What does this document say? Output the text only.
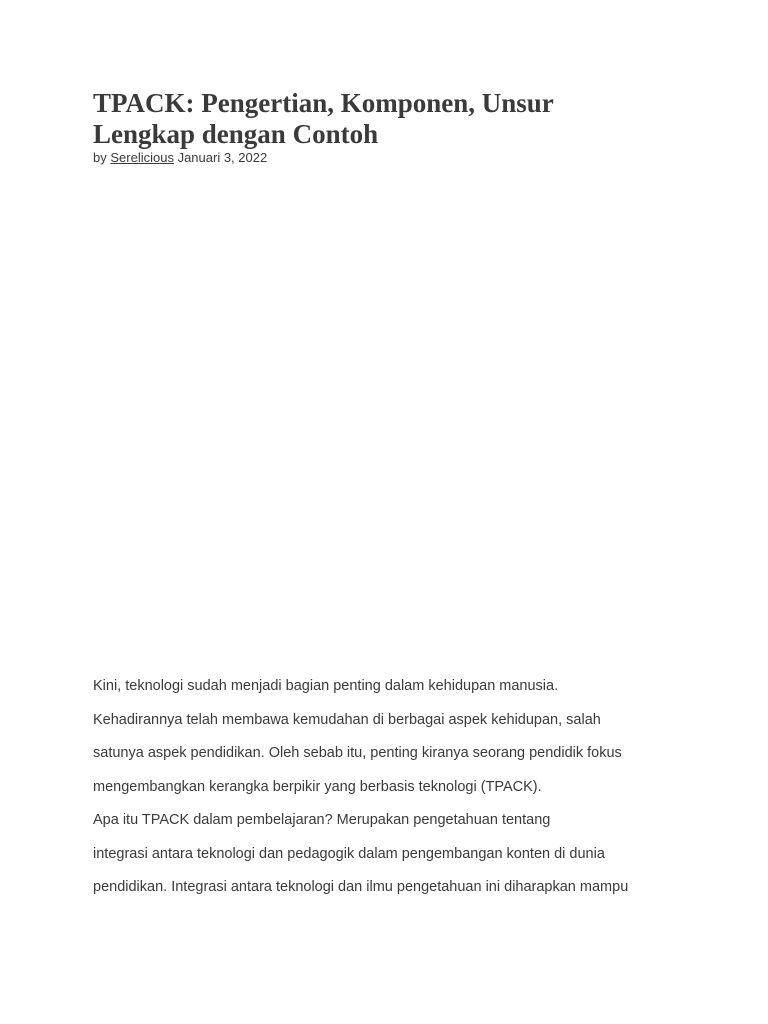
TPACK: Pengertian, Komponen, Unsur
Lengkap dengan Contoh
by Serelicious Januari 3, 2022
Kini, teknologi sudah menjadi bagian penting dalam kehidupan manusia.
Kehadirannya telah membawa kemudahan di berbagai aspek kehidupan, salah
satunya aspek pendidikan. Oleh sebab itu, penting kiranya seorang pendidik fokus
mengembangkan kerangka berpikir yang berbasis teknologi (TPACK).
Apa itu TPACK dalam pembelajaran? Merupakan pengetahuan tentang
integrasi antara teknologi dan pedagogik dalam pengembangan konten di dunia
pendidikan. Integrasi antara teknologi dan ilmu pengetahuan ini diharapkan mampu
